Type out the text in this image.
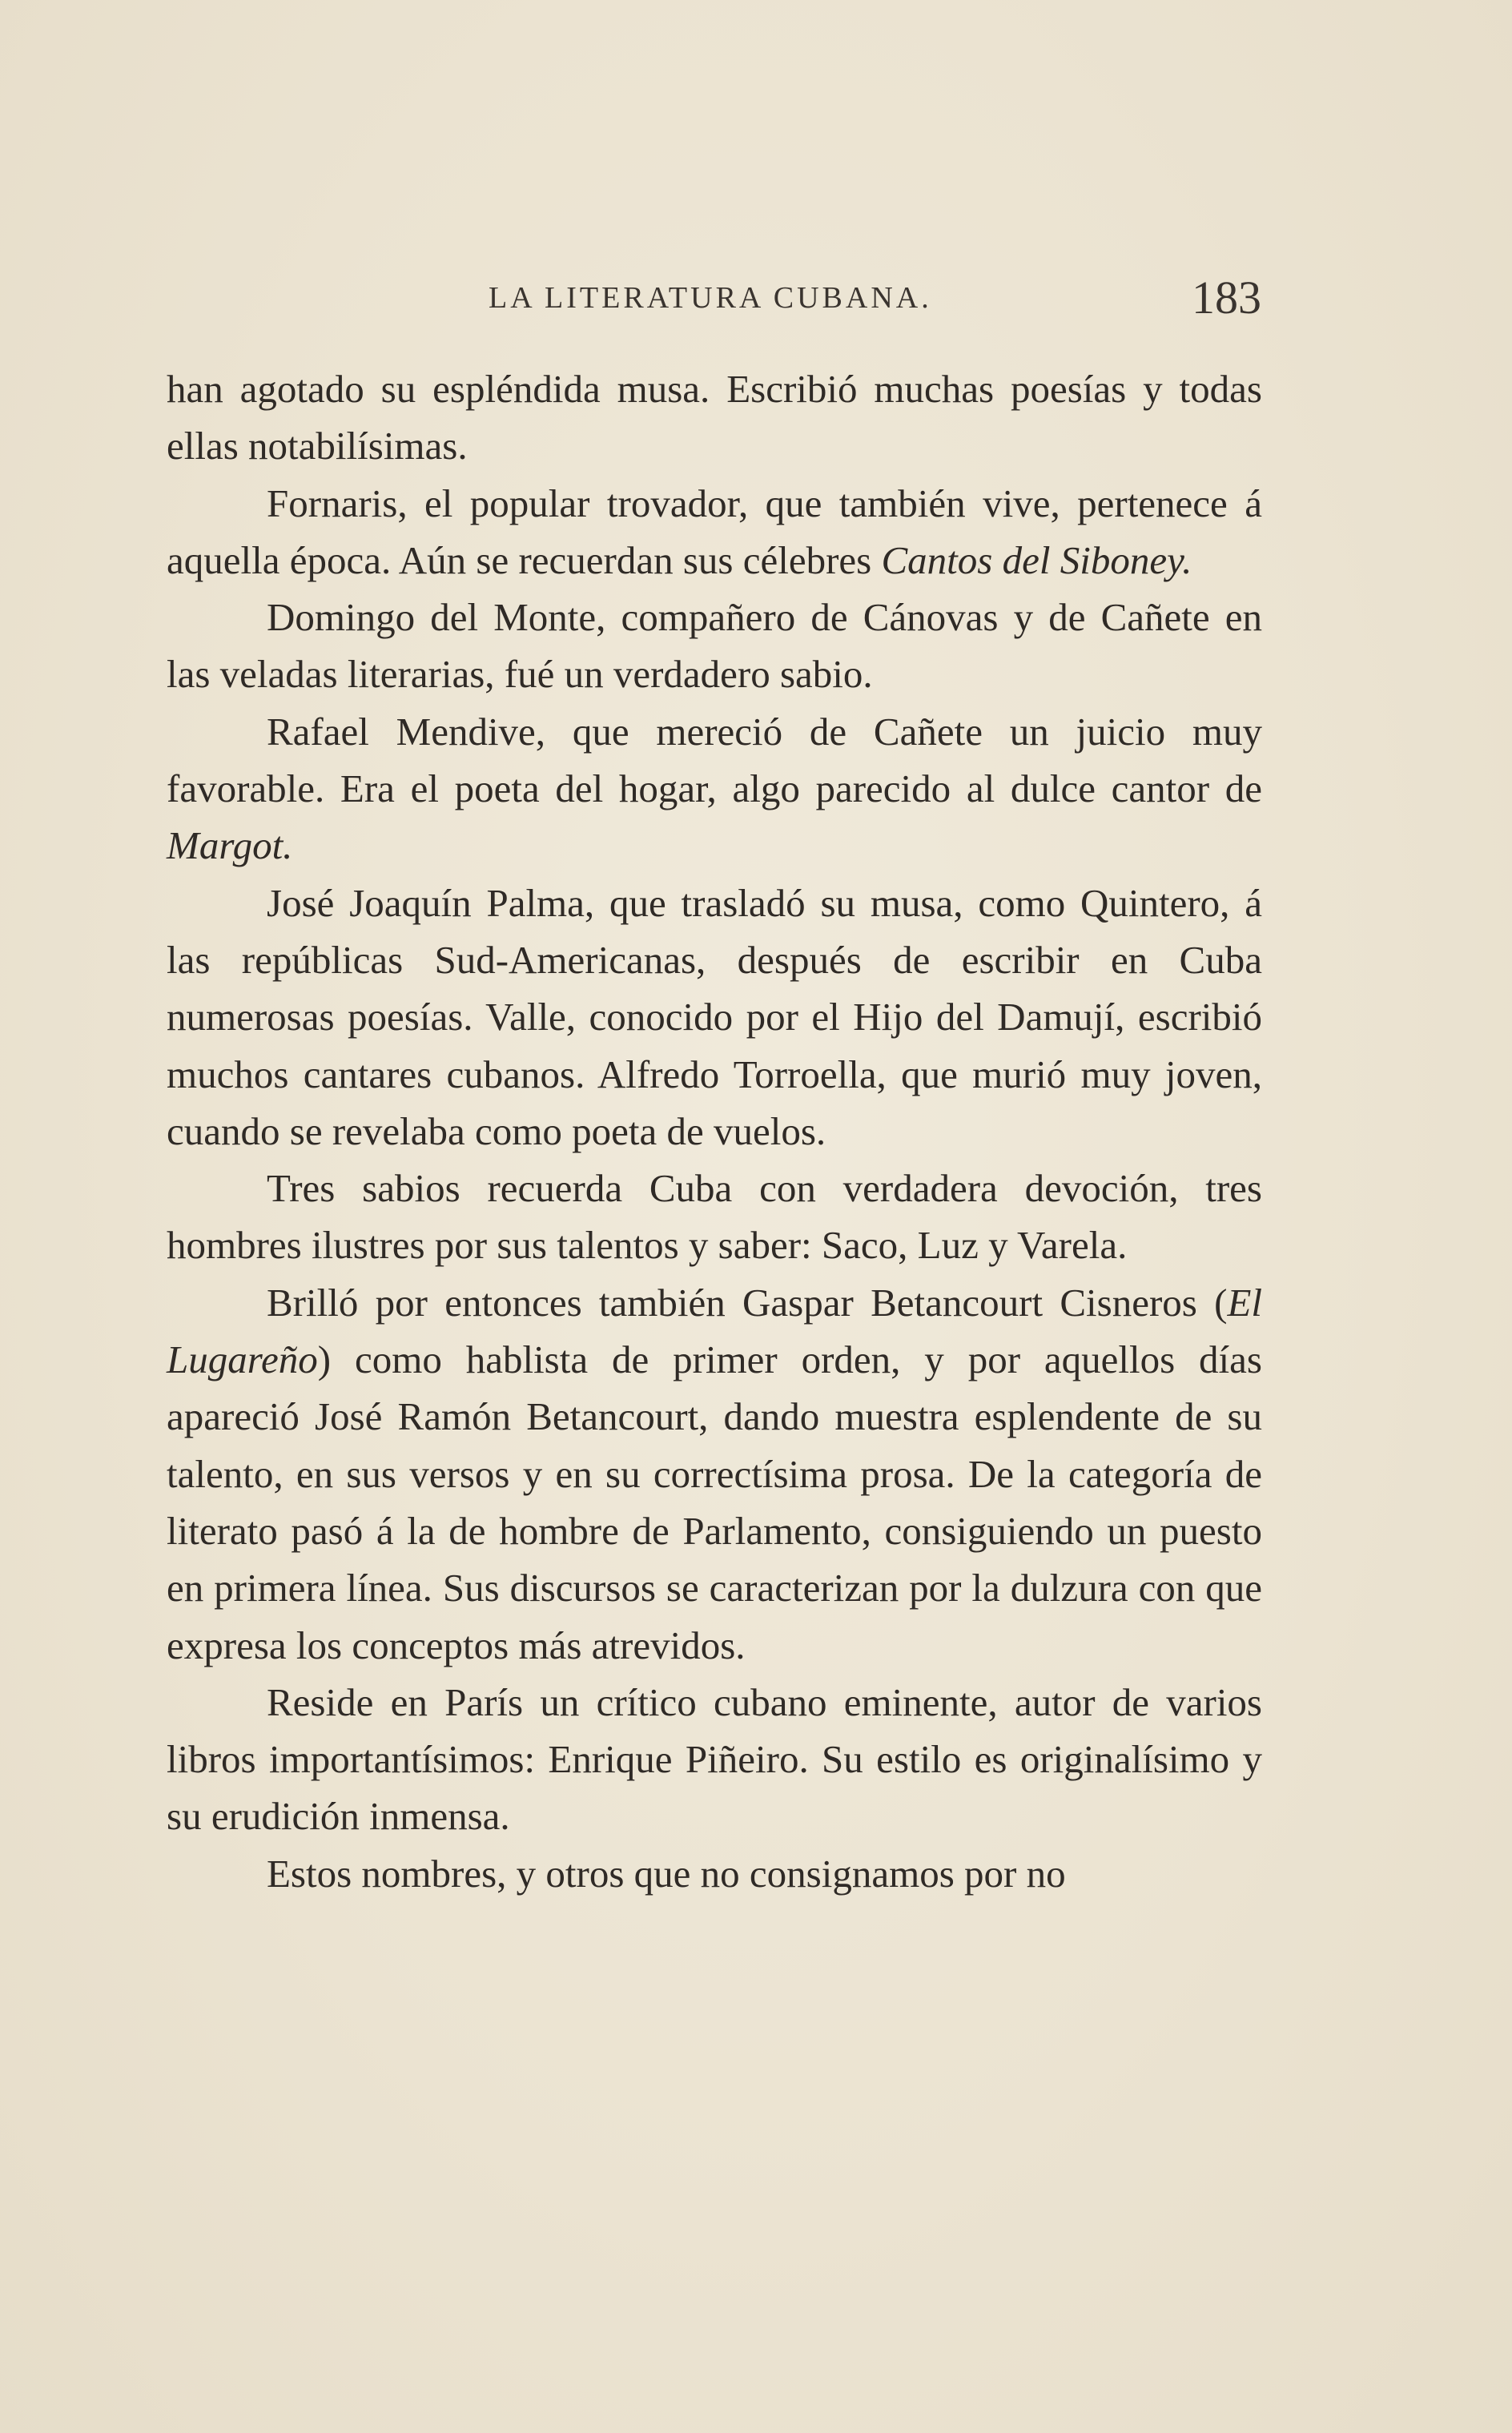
LA LITERATURA CUBANA.	183

han agotado su espléndida musa. Escribió muchas poesías y todas ellas notabilísimas.

Fornaris, el popular trovador, que también vive, pertenece á aquella época. Aún se recuerdan sus célebres Cantos del Siboney.

Domingo del Monte, compañero de Cánovas y de Cañete en las veladas literarias, fué un verdadero sabio.

Rafael Mendive, que mereció de Cañete un juicio muy favorable. Era el poeta del hogar, algo parecido al dulce cantor de Margot.

José Joaquín Palma, que trasladó su musa, como Quintero, á las repúblicas Sud-Americanas, después de escribir en Cuba numerosas poesías. Valle, conocido por el Hijo del Damují, escribió muchos cantares cubanos. Alfredo Torroella, que murió muy joven, cuando se revelaba como poeta de vuelos.

Tres sabios recuerda Cuba con verdadera devoción, tres hombres ilustres por sus talentos y saber: Saco, Luz y Varela.

Brilló por entonces también Gaspar Betancourt Cisneros (El Lugareño) como hablista de primer orden, y por aquellos días apareció José Ramón Betancourt, dando muestra esplendente de su talento, en sus versos y en su correctísima prosa. De la categoría de literato pasó á la de hombre de Parlamento, consiguiendo un puesto en primera línea. Sus discursos se caracterizan por la dulzura con que expresa los conceptos más atrevidos.

Reside en París un crítico cubano eminente, autor de varios libros importantísimos: Enrique Piñeiro. Su estilo es originalísimo y su erudición inmensa.

Estos nombres, y otros que no consignamos por no
